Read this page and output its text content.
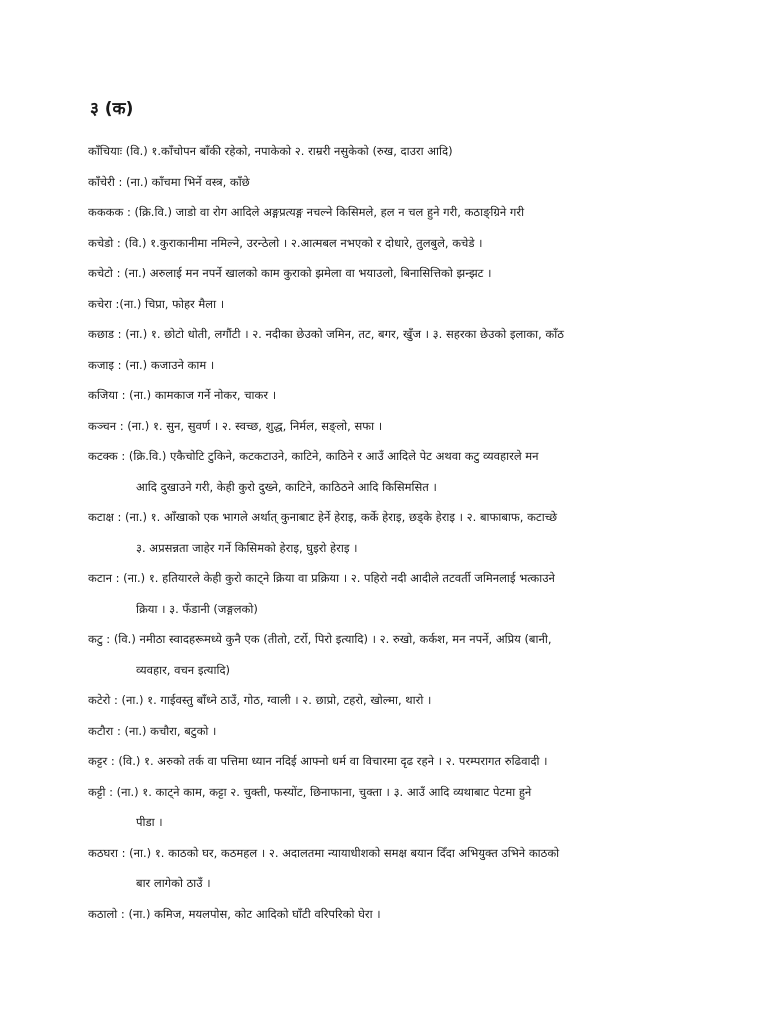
३ (क)
काँचियाः (वि.) १.काँचोपन बाँकी रहेको, नपाकेको २. राम्ररी नसुकेको (रुख, दाउरा आदि)
काँचेरी : (ना.) काँचमा भिर्ने वस्त्र, काँछे
कककक : (क्रि.वि.) जाडो वा रोग आदिले अङ्गप्रत्यङ्ग नचल्ने किसिमले, हल न चल हुने गरी, कठाङ्ग्रिने गरी
कचेडो : (वि.) १.कुराकानीमा नमिल्ने, उरन्ठेलो । २.आत्मबल नभएको र दोधारे, तुलबुले, कचेडे ।
कचेटो : (ना.) अरुलाई मन नपर्ने खालको काम कुराको झमेला वा भयाउलो, बिनासित्तिको झन्झट ।
कचेरा :(ना.) चिप्रा, फोहर मैला ।
कछाड : (ना.) १. छोटो धोती, लगौंटी । २. नदीका छेउको जमिन, तट, बगर, खुँज । ३. सहरका छेउको इलाका, काँठ
कजाइ : (ना.) कजाउने काम ।
कजिया : (ना.) कामकाज गर्ने नोकर, चाकर ।
कञ्चन : (ना.) १. सुन, सुवर्ण । २. स्वच्छ, शुद्ध, निर्मल, सङ्लो, सफा ।
कटक्क : (क्रि.वि.) एकैचोटि टुकिने, कटकटाउने, काटिने, काठिने र आउँ आदिले पेट अथवा कटु व्यवहारले मन
आदि दुखाउने गरी, केही कुरो दुख्ने, काटिने, काठिठने आदि किसिमसित ।
कटाक्ष : (ना.) १. आँखाको एक भागले अर्थात् कुनाबाट हेर्ने हेराइ, कर्के हेराइ, छड्के हेराइ । २. बाफाबाफ, कटाच्छे
३. अप्रसन्नता जाहेर गर्ने किसिमको हेराइ, घुइरो हेराइ ।
कटान : (ना.) १. हतियारले केही कुरो काट्ने क्रिया वा प्रक्रिया । २. पहिरो नदी आदीले तटवर्ती जमिनलाई भत्काउने
क्रिया । ३. फँडानी (जङ्गलको)
कटु : (वि.) नमीठा स्वादहरूमध्ये कुनै एक (तीतो, टर्रो, पिरो इत्यादि) । २. रुखो, कर्कश, मन नपर्ने, अप्रिय (बानी,
व्यवहार, वचन इत्यादि)
कटेरो : (ना.) १. गाईवस्तु बाँध्ने ठाउँ, गोठ, ग्वाली । २. छाप्रो, टहरो, खोल्मा, थारो ।
कटौरा : (ना.) कचौरा, बटुको ।
कट्टर : (वि.) १. अरुको तर्क वा पत्तिमा ध्यान नदिई आफ्नो धर्म वा विचारमा दृढ रहने । २. परम्परागत रुढिवादी ।
कट्टी : (ना.) १. काट्ने काम, कट्टा २. चुक्ती, फस्योंट, छिनाफाना, चुक्ता । ३. आउँ आदि व्यथाबाट पेटमा हुने
पीडा ।
कठघरा : (ना.) १. काठको घर, कठमहल । २. अदालतमा न्यायाधीशको समक्ष बयान दिँदा अभियुक्त उभिने काठको
बार लागेको ठाउँ ।
कठालो : (ना.) कमिज, मयलपोस, कोट आदिको घाँटी वरिपरिको घेरा ।
